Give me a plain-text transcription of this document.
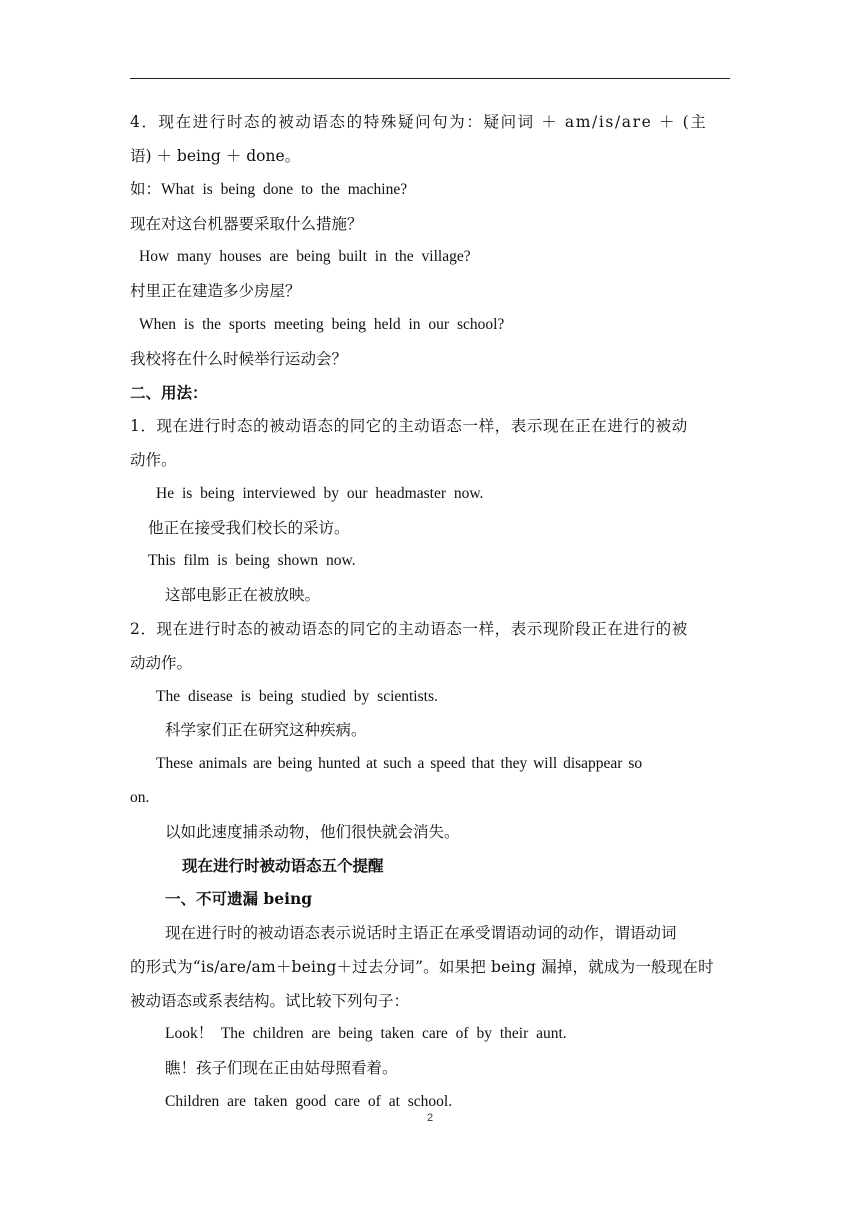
4．现在进行时态的被动语态的特殊疑问句为：疑问词 ＋ am/is/are ＋ (主
语) ＋ being ＋ done。
如：What is being done to the machine?
现在对这台机器要采取什么措施？
How many houses are being built in the village?
村里正在建造多少房屋？
When is the sports meeting being held in our school?
我校将在什么时候举行运动会？
二、用法：
1．现在进行时态的被动语态的同它的主动语态一样，表示现在正在进行的被动
动作。
He is being interviewed by our headmaster now.
他正在接受我们校长的采访。
This film is being shown now.
这部电影正在被放映。
2．现在进行时态的被动语态的同它的主动语态一样，表示现阶段正在进行的被
动动作。
The disease is being studied by scientists.
科学家们正在研究这种疾病。
These animals are being hunted at such a speed that they will disappear so
on.
以如此速度捕杀动物，他们很快就会消失。
现在进行时被动语态五个提醒
一、不可遗漏 being
现在进行时的被动语态表示说话时主语正在承受谓语动词的动作，谓语动词
的形式为“is/are/am＋being＋过去分词”。如果把 being 漏掉，就成为一般现在时
被动语态或系表结构。试比较下列句子：
Look！ The children are being taken care of by their aunt.
瞧！孩子们现在正由姑母照看着。
Children are taken good care of at school.
2
